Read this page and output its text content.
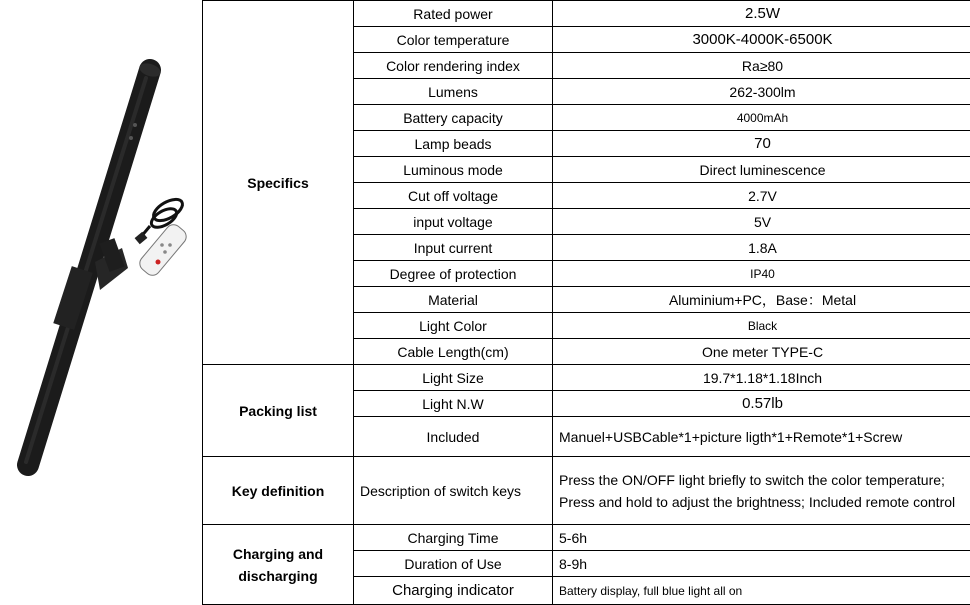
Specifics	Rated power	2.5W
	Color temperature	3000K-4000K-6500K
	Color rendering index	Ra≥80
	Lumens	262-300lm
	Battery capacity	4000mAh
	Lamp beads	70
	Luminous mode	Direct luminescence
	Cut off voltage	2.7V
	input voltage	5V
	Input current	1.8A
	Degree of protection	IP40
	Material	Aluminium+PC，Base：Metal
	Light Color	Black
	Cable Length(cm)	One meter TYPE-C
Packing list	Light Size	19.7*1.18*1.18Inch
	Light N.W	0.57lb
	Included	Manuel+USBCable*1+picture ligth*1+Remote*1+Screw
Key definition	Description of switch keys	Press the ON/OFF light briefly to switch the color temperature;
Press and hold to adjust the brightness; Included remote control

Charging and
discharging	Charging Time	5-6h
	Duration of Use	8-9h
	Charging indicator	Battery display, full blue light all on
